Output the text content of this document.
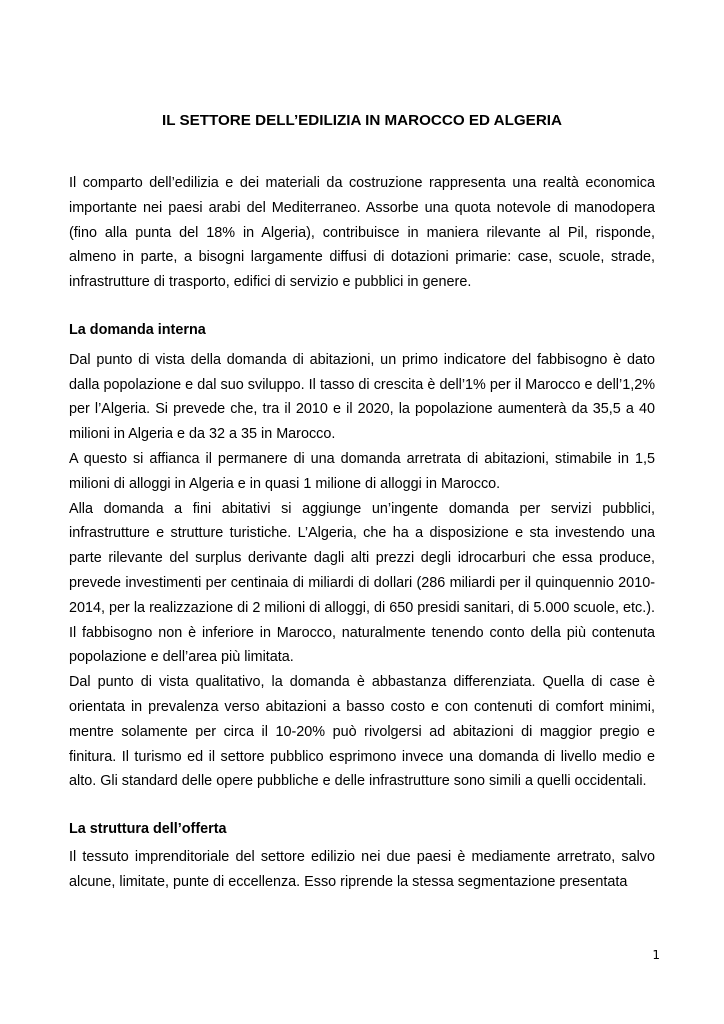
IL SETTORE DELL’EDILIZIA IN MAROCCO ED ALGERIA

Il comparto dell’edilizia e dei materiali da costruzione rappresenta una realtà economica importante nei paesi arabi del Mediterraneo. Assorbe una quota notevole di manodopera (fino alla punta del 18% in Algeria), contribuisce in maniera rilevante al Pil, risponde, almeno in parte, a bisogni largamente diffusi di dotazioni primarie: case, scuole, strade, infrastrutture di trasporto, edifici di servizio e pubblici in genere.

La domanda interna

Dal punto di vista della domanda di abitazioni, un primo indicatore del fabbisogno è dato dalla popolazione e dal suo sviluppo. Il tasso di crescita è dell’1% per il Marocco e dell’1,2% per l’Algeria. Si prevede che, tra il 2010 e il 2020, la popolazione aumenterà da 35,5 a 40 milioni in Algeria e da 32 a 35 in Marocco.

A questo si affianca il permanere di una domanda arretrata di abitazioni, stimabile in 1,5 milioni di alloggi in Algeria e in quasi 1 milione di alloggi in Marocco.

Alla domanda a fini abitativi si aggiunge un’ingente domanda per servizi pubblici, infrastrutture e strutture turistiche. L’Algeria, che ha a disposizione e sta investendo una parte rilevante del surplus derivante dagli alti prezzi degli idrocarburi che essa produce, prevede investimenti per centinaia di miliardi di dollari (286 miliardi per il quinquennio 2010-2014, per la realizzazione di 2 milioni di alloggi, di 650 presidi sanitari, di 5.000 scuole, etc.). Il fabbisogno non è inferiore in Marocco, naturalmente tenendo conto della più contenuta popolazione e dell’area più limitata.

Dal punto di vista qualitativo, la domanda è abbastanza differenziata. Quella di case è orientata in prevalenza verso abitazioni a basso costo e con contenuti di comfort minimi, mentre solamente per circa il 10-20% può rivolgersi ad abitazioni di maggior pregio e finitura. Il turismo ed il settore pubblico esprimono invece una domanda di livello medio e alto. Gli standard delle opere pubbliche e delle infrastrutture sono simili a quelli occidentali.

La struttura dell’offerta

Il tessuto imprenditoriale del settore edilizio nei due paesi è mediamente arretrato, salvo alcune, limitate, punte di eccellenza. Esso riprende la stessa segmentazione presentata

1
